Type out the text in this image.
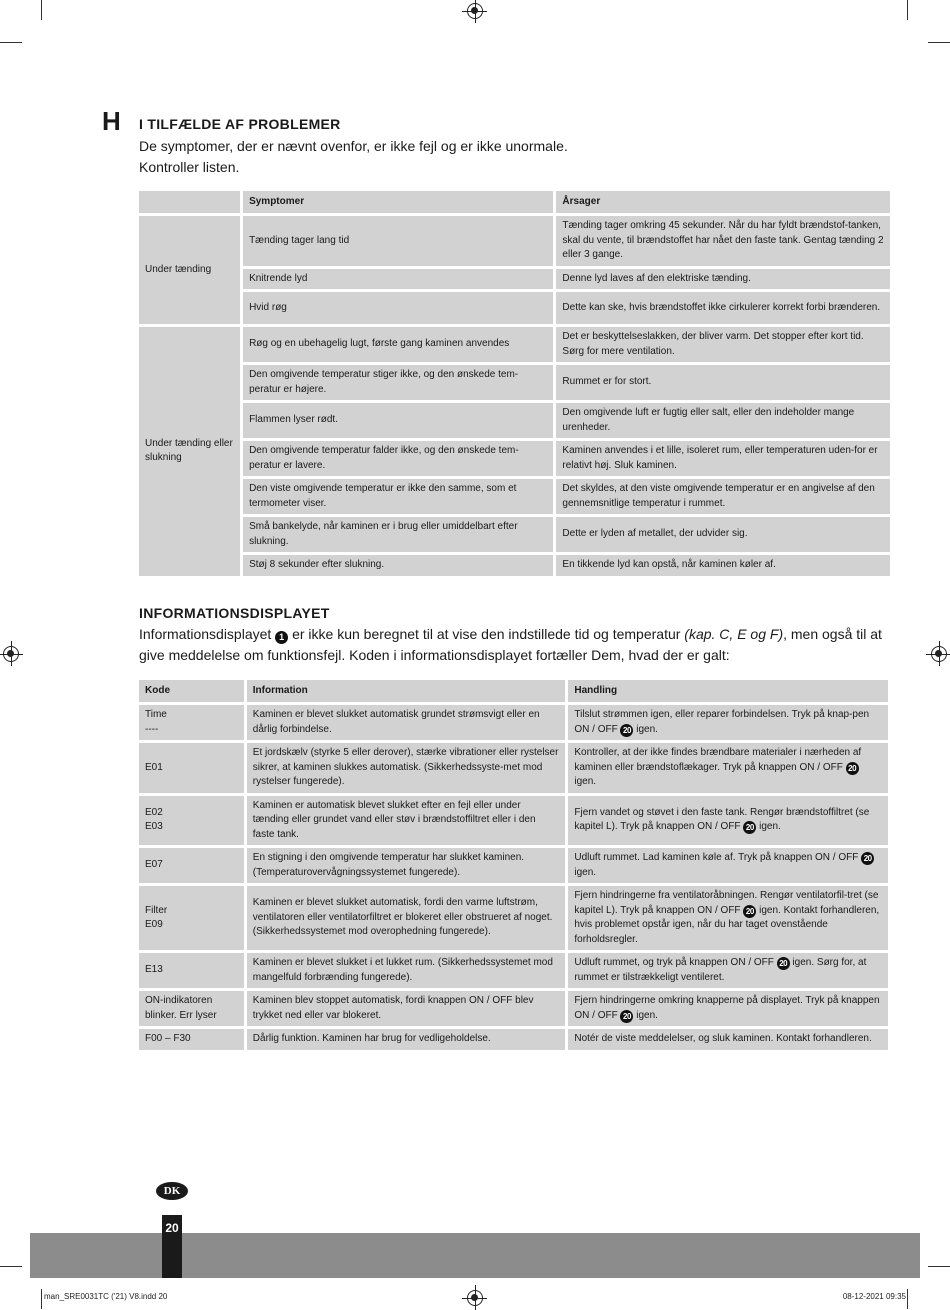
H I TILFÆLDE AF PROBLEMER

De symptomer, der er nævnt ovenfor, er ikke fejl og er ikke unormale.

Kontroller listen.

	Symptomer	Årsager
Under tænding	Tænding tager lang tid	Tænding tager omkring 45 sekunder. Når du har fyldt brændstof-tanken, skal du vente, til brændstoffet har nået den faste tank. Gentag tænding 2 eller 3 gange.
	Knitrende lyd	Denne lyd laves af den elektriske tænding.
	Hvid røg	Dette kan ske, hvis brændstoffet ikke cirkulerer korrekt forbi brænderen.
Under tænding eller slukning	Røg og en ubehagelig lugt, første gang kaminen anvendes	Det er beskyttelseslakken, der bliver varm. Det stopper efter kort tid. Sørg for mere ventilation.
	Den omgivende temperatur stiger ikke, og den ønskede tem-peratur er højere.	Rummet er for stort.
	Flammen lyser rødt.	Den omgivende luft er fugtig eller salt, eller den indeholder mange urenheder.
	Den omgivende temperatur falder ikke, og den ønskede tem-peratur er lavere.	Kaminen anvendes i et lille, isoleret rum, eller temperaturen uden-for er relativt høj. Sluk kaminen.
	Den viste omgivende temperatur er ikke den samme, som et termometer viser.	Det skyldes, at den viste omgivende temperatur er en angivelse af den gennemsnitlige temperatur i rummet.
	Små bankelyde, når kaminen er i brug eller umiddelbart efter slukning.	Dette er lyden af metallet, der udvider sig.
	Støj 8 sekunder efter slukning.	En tikkende lyd kan opstå, når kaminen køler af.
INFORMATIONSDISPLAYET
Informationsdisplayet 1 er ikke kun beregnet til at vise den indstillede tid og temperatur (kap. C, E og F), men også til at give meddelelse om funktionsfejl. Koden i informationsdisplayet fortæller Dem, hvad der er galt:
Kode	Information	Handling
Time
----	Kaminen er blevet slukket automatisk grundet strømsvigt eller en dårlig forbindelse.	Tilslut strømmen igen, eller reparer forbindelsen. Tryk på knap-pen ON / OFF 20 igen.
E01	Et jordskælv (styrke 5 eller derover), stærke vibrationer eller rystelser sikrer, at kaminen slukkes automatisk. (Sikkerhedssyste-met mod rystelser fungerede).	Kontroller, at der ikke findes brændbare materialer i nærheden af kaminen eller brændstoflækager. Tryk på knappen ON / OFF 20 igen.
E02
E03	Kaminen er automatisk blevet slukket efter en fejl eller under tænding eller grundet vand eller støv i brændstoffiltret eller i den faste tank.	Fjern vandet og støvet i den faste tank. Rengør brændstoffiltret (se kapitel L). Tryk på knappen ON / OFF 20 igen.
E07	En stigning i den omgivende temperatur har slukket kaminen. (Temperaturovervågningssystemet fungerede).	Udluft rummet. Lad kaminen køle af. Tryk på knappen ON / OFF 20 igen.
Filter
E09	Kaminen er blevet slukket automatisk, fordi den varme luftstrøm, ventilatoren eller ventilatorfiltret er blokeret eller obstrueret af noget. (Sikkerhedssystemet mod overophedning fungerede).	Fjern hindringerne fra ventilatoråbningen. Rengør ventilatorfil-tret (se kapitel L). Tryk på knappen ON / OFF 20 igen. Kontakt forhandleren, hvis problemet opstår igen, når du har taget ovenstående forholdsregler.
E13	Kaminen er blevet slukket i et lukket rum. (Sikkerhedssystemet mod mangelfuld forbrænding fungerede).	Udluft rummet, og tryk på knappen ON / OFF 20 igen. Sørg for, at rummet er tilstrækkeligt ventileret.
ON-indikatoren blinker. Err lyser	Kaminen blev stoppet automatisk, fordi knappen ON / OFF blev trykket ned eller var blokeret.	Fjern hindringerne omkring knapperne på displayet. Tryk på knappen ON / OFF 20 igen.
F00 – F30	Dårlig funktion. Kaminen har brug for vedligeholdelse.	Notér de viste meddelelser, og sluk kaminen. Kontakt forhandleren.
DK
20
man_SRE0031TC ('21) V8.indd 20	08-12-2021 09:35
